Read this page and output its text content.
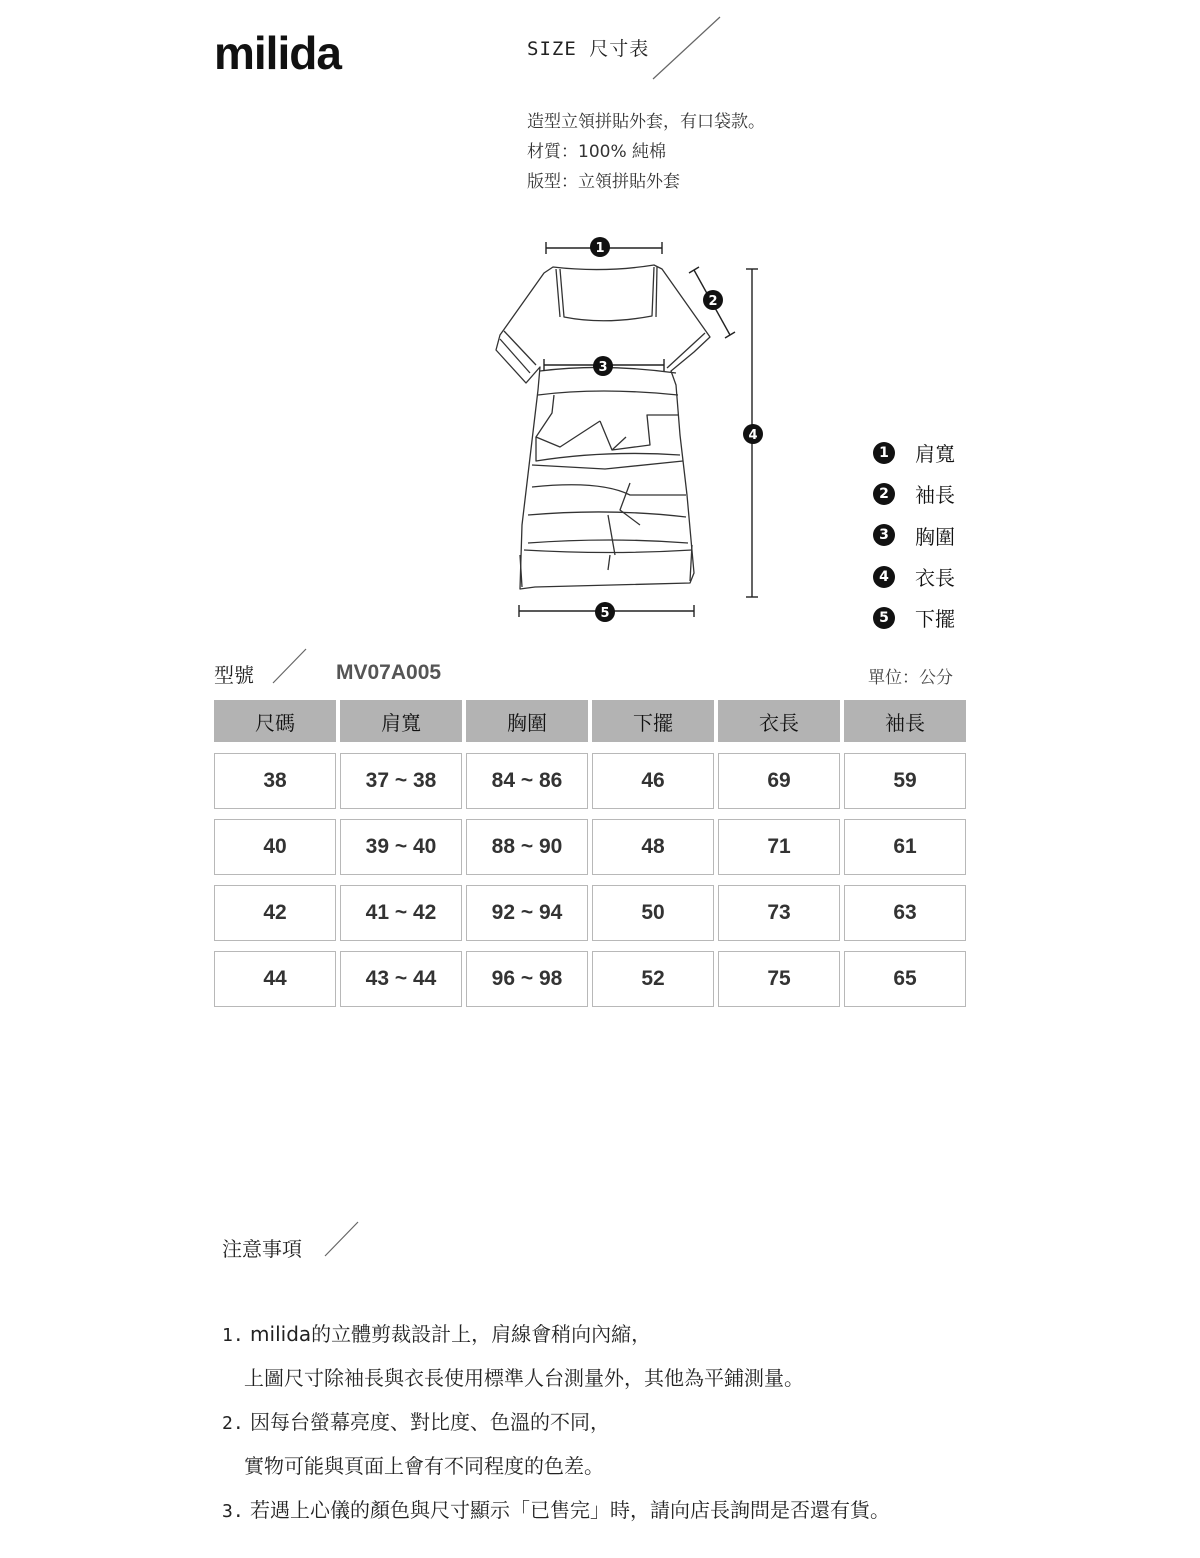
milida	SIZE 尺寸表
造型立領拼貼外套，有口袋款。
材質：100% 純棉
版型：立領拼貼外套
1
2
3
4
5
1	肩寬
2	袖長
3	胸圍
4	衣長
5	下擺
型號	MV07A005	單位：公分
尺碼	肩寬	胸圍	下擺	衣長	袖長
38	37 ~ 38	84 ~ 86	46	69	59
40	39 ~ 40	88 ~ 90	48	71	61
42	41 ~ 42	92 ~ 94	50	73	63
44	43 ~ 44	96 ~ 98	52	75	65
注意事項
1. milida的立體剪裁設計上，肩線會稍向內縮，
上圖尺寸除袖長與衣長使用標準人台測量外，其他為平鋪測量。
2. 因每台螢幕亮度、對比度、色溫的不同，
實物可能與頁面上會有不同程度的色差。
3. 若遇上心儀的顏色與尺寸顯示「已售完」時，請向店長詢問是否還有貨。
